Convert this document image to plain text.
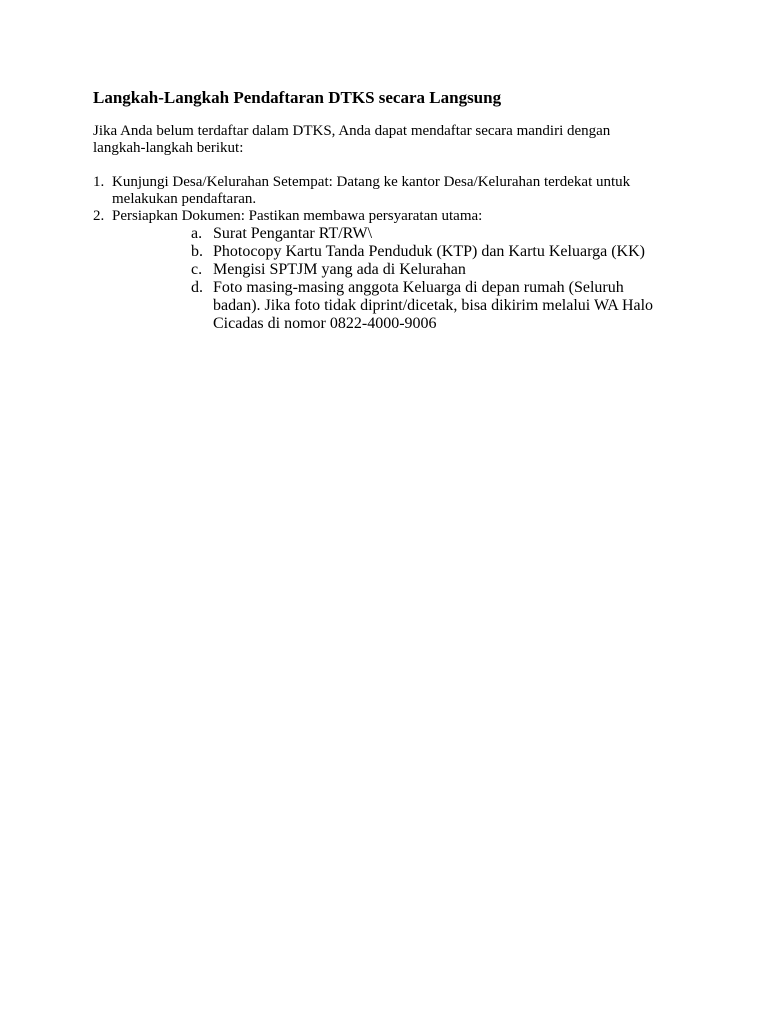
Langkah-Langkah Pendaftaran DTKS secara Langsung

Jika Anda belum terdaftar dalam DTKS, Anda dapat mendaftar secara mandiri dengan
langkah-langkah berikut:

1. Kunjungi Desa/Kelurahan Setempat: Datang ke kantor Desa/Kelurahan terdekat untuk
melakukan pendaftaran.
2. Persiapkan Dokumen: Pastikan membawa persyaratan utama:
a. Surat Pengantar RT/RW\
b. Photocopy Kartu Tanda Penduduk (KTP) dan Kartu Keluarga (KK)
c. Mengisi SPTJM yang ada di Kelurahan
d. Foto masing-masing anggota Keluarga di depan rumah (Seluruh
badan). Jika foto tidak diprint/dicetak, bisa dikirim melalui WA Halo
Cicadas di nomor 0822-4000-9006
